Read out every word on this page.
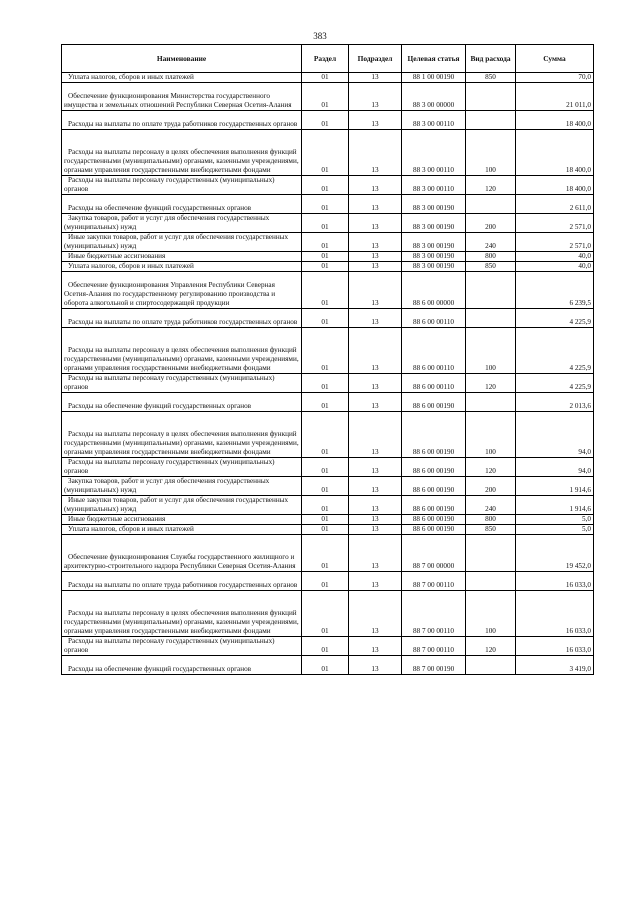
383
Наименование	Раздел	Подраздел	Целевая статья	Вид расхода	Сумма
Уплата налогов, сборов и иных платежей	01	13	88 1 00 00190	850	70,0
Обеспечение функционирования Министерства государственного имущества и земельных отношений Республики Северная Осетия-Алания	01	13	88 3 00 00000		21 011,0
Расходы на выплаты по оплате труда работников государственных органов	01	13	88 3 00 00110		18 400,0
Расходы на выплаты персоналу в целях обеспечения выполнения функций государственными (муниципальными) органами, казенными учреждениями, органами управления государственными внебюджетными фондами	01	13	88 3 00 00110	100	18 400,0
Расходы на выплаты персоналу государственных (муниципальных) органов	01	13	88 3 00 00110	120	18 400,0
Расходы на обеспечение функций государственных органов	01	13	88 3 00 00190		2 611,0
Закупка товаров, работ и услуг для обеспечения государственных (муниципальных) нужд	01	13	88 3 00 00190	200	2 571,0
Иные закупки товаров, работ и услуг для обеспечения государственных (муниципальных) нужд	01	13	88 3 00 00190	240	2 571,0
Иные бюджетные ассигнования	01	13	88 3 00 00190	800	40,0
Уплата налогов, сборов и иных платежей	01	13	88 3 00 00190	850	40,0
Обеспечение функционирования Управления Республики Северная Осетия-Алания по государственному регулированию производства и оборота алкогольной и спиртосодержащей продукции	01	13	88 6 00 00000		6 239,5
Расходы на выплаты по оплате труда работников государственных органов	01	13	88 6 00 00110		4 225,9
Расходы на выплаты персоналу в целях обеспечения выполнения функций государственными (муниципальными) органами, казенными учреждениями, органами управления государственными внебюджетными фондами	01	13	88 6 00 00110	100	4 225,9
Расходы на выплаты персоналу государственных (муниципальных) органов	01	13	88 6 00 00110	120	4 225,9
Расходы на обеспечение функций государственных органов	01	13	88 6 00 00190		2 013,6
Расходы на выплаты персоналу в целях обеспечения выполнения функций государственными (муниципальными) органами, казенными учреждениями, органами управления государственными внебюджетными фондами	01	13	88 6 00 00190	100	94,0
Расходы на выплаты персоналу государственных (муниципальных) органов	01	13	88 6 00 00190	120	94,0
Закупка товаров, работ и услуг для обеспечения государственных (муниципальных) нужд	01	13	88 6 00 00190	200	1 914,6
Иные закупки товаров, работ и услуг для обеспечения государственных (муниципальных) нужд	01	13	88 6 00 00190	240	1 914,6
Иные бюджетные ассигнования	01	13	88 6 00 00190	800	5,0
Уплата налогов, сборов и иных платежей	01	13	88 6 00 00190	850	5,0
Обеспечение функционирования Службы государственного жилищного и архитектурно-строительного надзора Республики Северная Осетия-Алания	01	13	88 7 00 00000		19 452,0
Расходы на выплаты по оплате труда работников государственных органов	01	13	88 7 00 00110		16 033,0
Расходы на выплаты персоналу в целях обеспечения выполнения функций государственными (муниципальными) органами, казенными учреждениями, органами управления государственными внебюджетными фондами	01	13	88 7 00 00110	100	16 033,0
Расходы на выплаты персоналу государственных (муниципальных) органов	01	13	88 7 00 00110	120	16 033,0
Расходы на обеспечение функций государственных органов	01	13	88 7 00 00190		3 419,0
